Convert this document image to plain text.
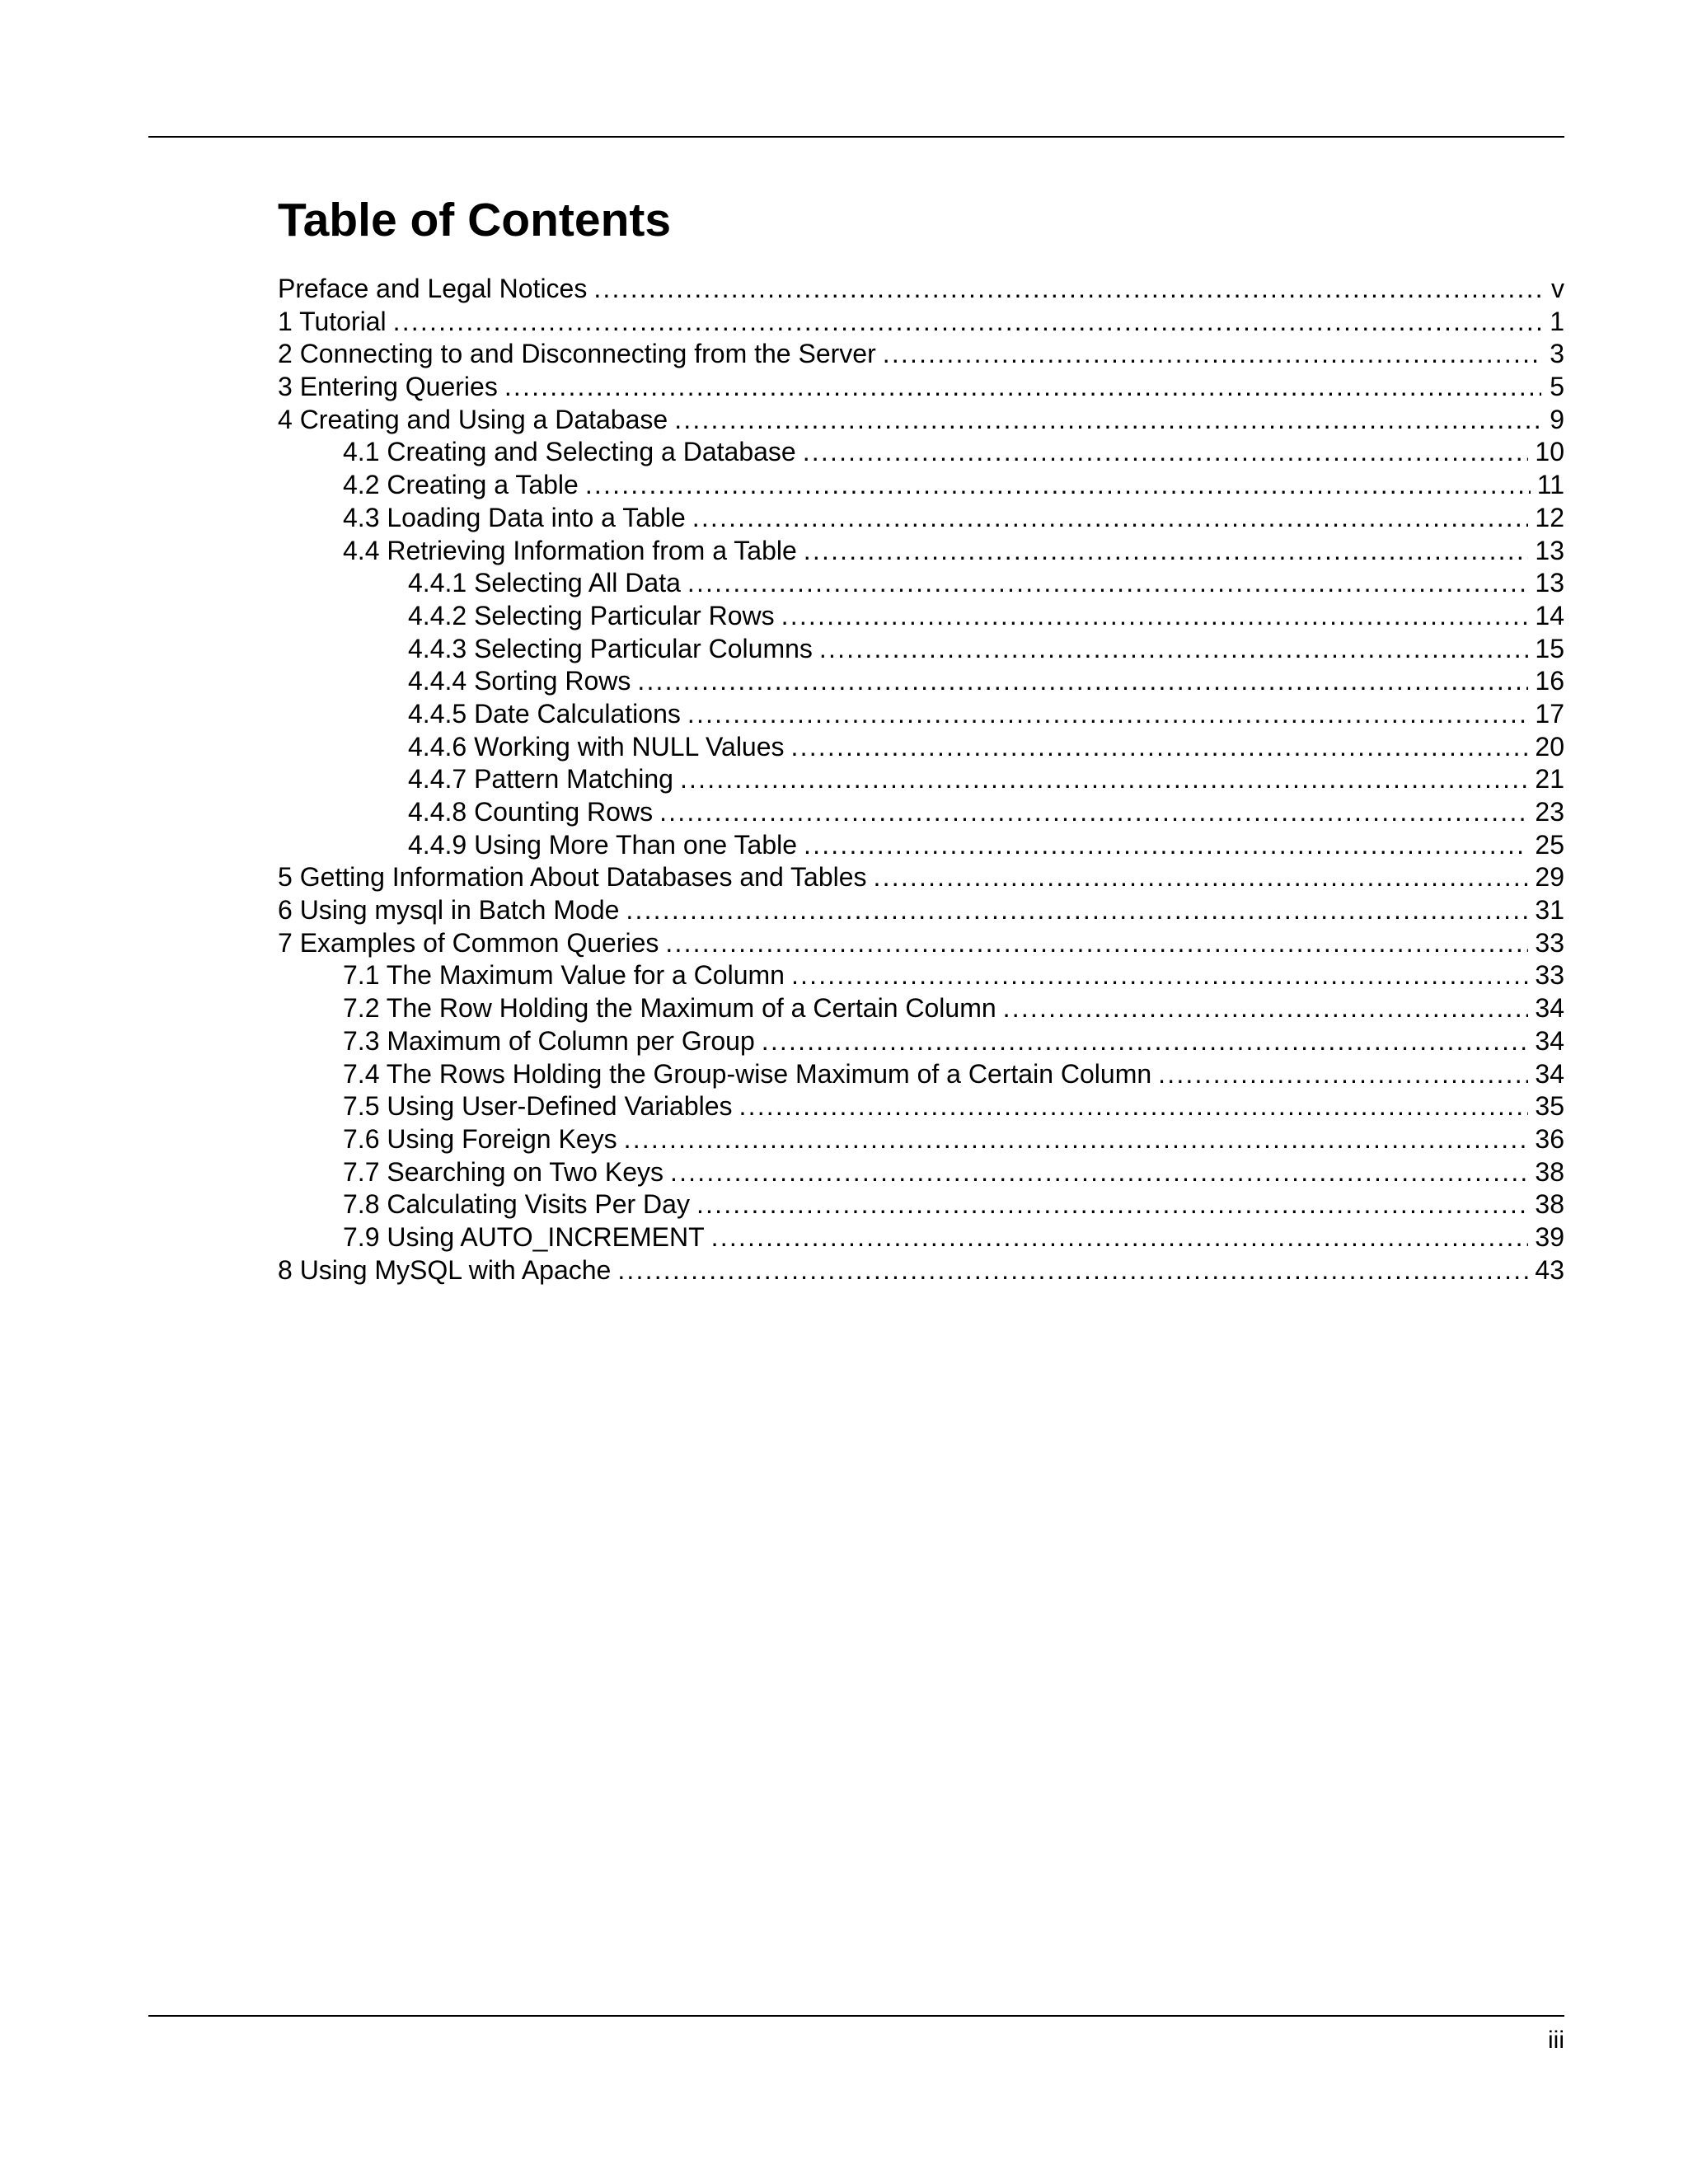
Table of Contents
Preface and Legal Notices .....	v
1 Tutorial .....	1
2 Connecting to and Disconnecting from the Server .....	3
3 Entering Queries .....	5
4 Creating and Using a Database .....	9
4.1 Creating and Selecting a Database .....	10
4.2 Creating a Table .....	11
4.3 Loading Data into a Table .....	12
4.4 Retrieving Information from a Table .....	13
4.4.1 Selecting All Data .....	13
4.4.2 Selecting Particular Rows .....	14
4.4.3 Selecting Particular Columns .....	15
4.4.4 Sorting Rows .....	16
4.4.5 Date Calculations .....	17
4.4.6 Working with NULL Values .....	20
4.4.7 Pattern Matching .....	21
4.4.8 Counting Rows .....	23
4.4.9 Using More Than one Table .....	25
5 Getting Information About Databases and Tables .....	29
6 Using mysql in Batch Mode .....	31
7 Examples of Common Queries .....	33
7.1 The Maximum Value for a Column .....	33
7.2 The Row Holding the Maximum of a Certain Column .....	34
7.3 Maximum of Column per Group .....	34
7.4 The Rows Holding the Group-wise Maximum of a Certain Column .....	34
7.5 Using User-Defined Variables .....	35
7.6 Using Foreign Keys .....	36
7.7 Searching on Two Keys .....	38
7.8 Calculating Visits Per Day .....	38
7.9 Using AUTO_INCREMENT .....	39
8 Using MySQL with Apache .....	43
iii
